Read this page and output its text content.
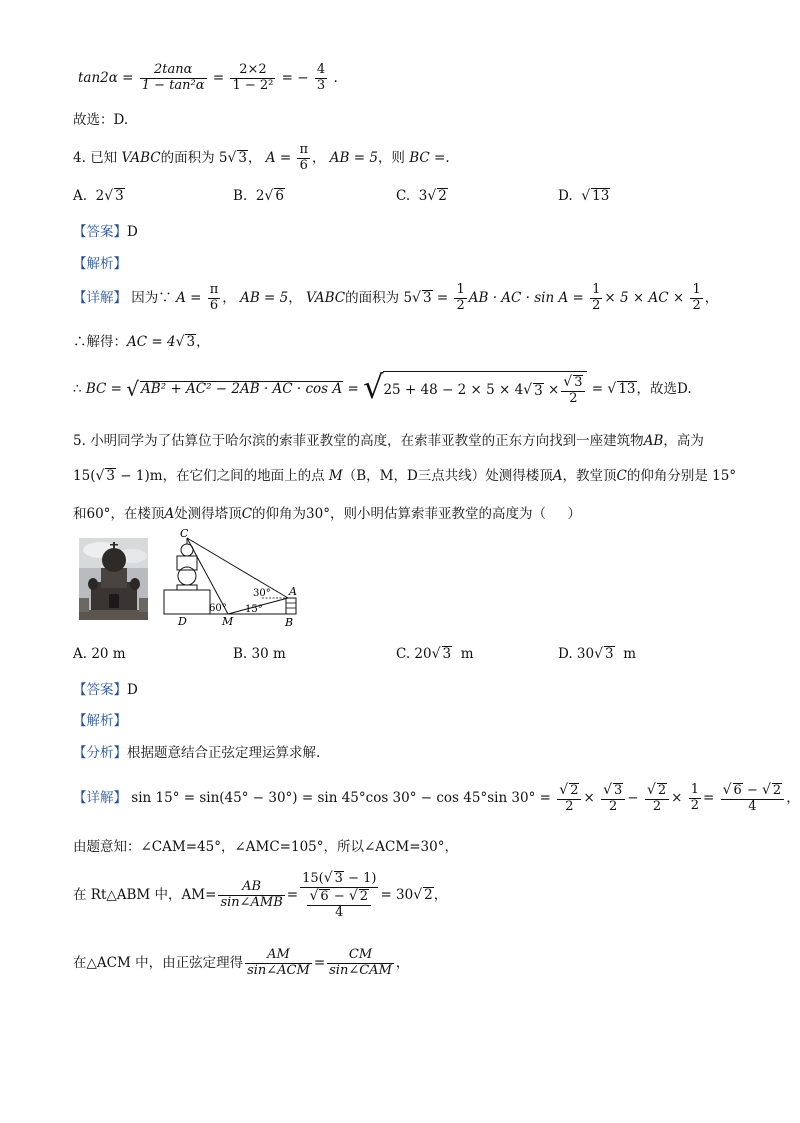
$\tan 2\alpha = \frac{2\tan\alpha}{\text{1 − tan²α}} = \frac{2\times 2}{\text{1 − 2²}}$ = − $\frac{4}{3}$ .
故选：D.
4. 已知 VABC的面积为 5√ 3， $A = \frac{\pi}{6}$ ， AB = 5，则 BC =.
A. 2√ 3	B. 2√ 6	C. 3√ 2	D. √ 13
【答案】D
【解析】
【详解】 因为∵ $A = \frac{\pi}{6}$ ， AB = 5， VABC的面积为 5√ $3 = \frac{1}{2}$ AB · AC · $\sin A = \frac{1}{2} \times 5$ × AC × $\frac{1}{2}$ ，
∴解得：AC = 4√ 3，
∴
BC =
√ AB² + AC² − 2AB · AC · cos A
=
√ 25 + 48 − 2 × 5 × 4 √ 3
× $\frac{√ 3}{2}$
=
√ 13 ，故选D.
5. 小明同学为了估算位于哈尔滨的索菲亚教堂的高度，在索菲亚教堂的正东方向找到一座建筑物AB，高为
15(√ 3 − 1)m，在它们之间的地面上的点 M（B，M，D三点共线）处测得楼顶A，教堂顶C的仰角分别是 15°
和60°，在楼顶A处测得塔顶C的仰角为30°，则小明估算索菲亚教堂的高度为（ ）
C
D	M	B
A
30°
60° 15°
A. 20 m	B. 30 m	C. 20√ 3 m	D. 30√ 3 m
【答案】D
【解析】
【分析】根据题意结合正弦定理运算求解.
【详解】 sin 15° = sin(45° − 30°) = sin 45°cos 30° − cos 45°sin $30^\circ = \frac{√ 2}{2} \times \frac{√ 3}{2} - \frac{√ 2}{2} \times \frac{1}{2} = \frac{√ 6 - √ 2}{4}$ ，
由题意知：∠CAM=45°，∠AMC=105°，所以∠ACM=30°，
在 Rt△ABM 中，$AM= \frac{AB}{\text{sin∠AMB}} = \frac{15(√ 3 - 1)}{\frac{√ 6 - √ 2}{4}} = 30$ √ 2 ，
在△ACM 中，由正弦定理得 $\frac{AM}{\text{sin∠ACM}} = \frac{CM}{\text{sin∠CAM}}$ ，
